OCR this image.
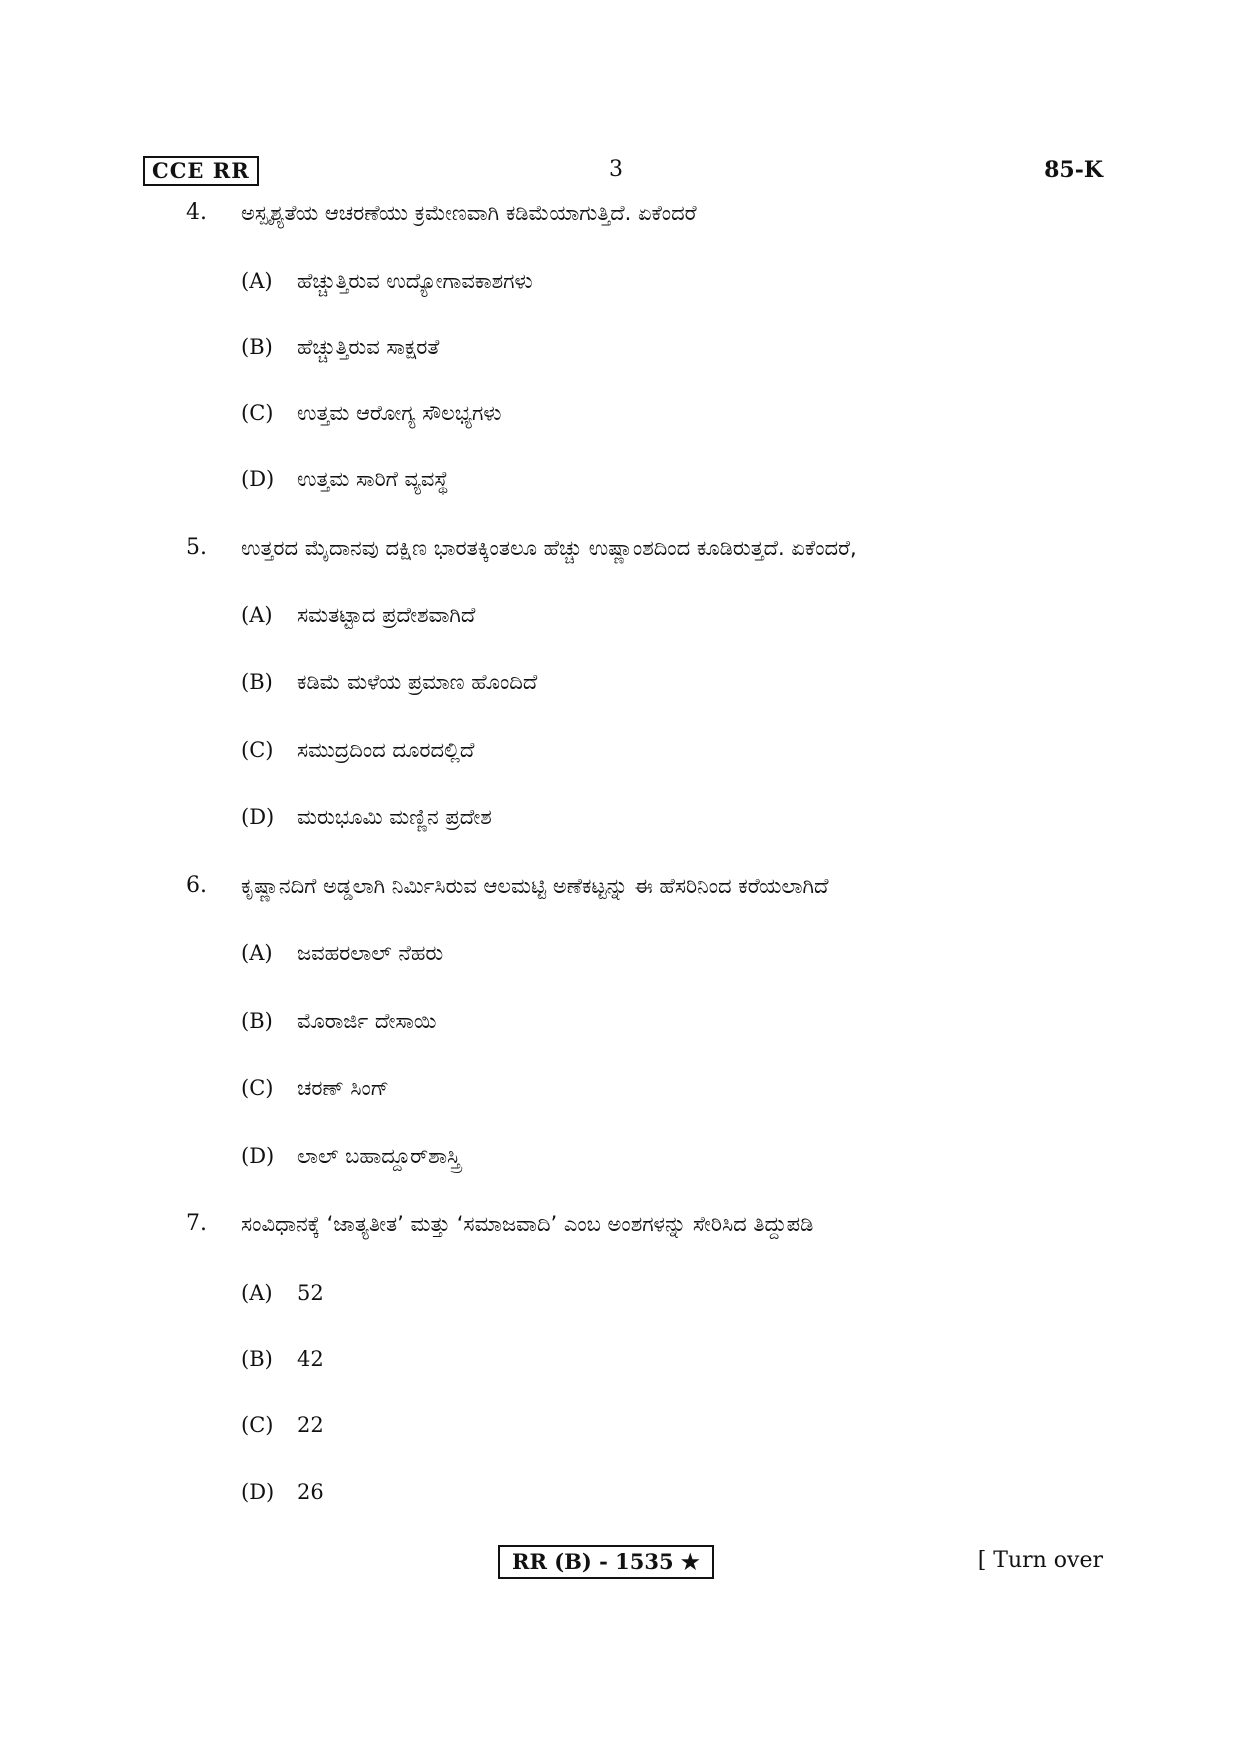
CCE RR	3	85-K
4. ಅಸ್ಪೃಶ್ಯತೆಯ ಆಚರಣೆಯು ಕ್ರಮೇಣವಾಗಿ ಕಡಿಮೆಯಾಗುತ್ತಿದೆ. ಏಕೆಂದರೆ
(A) ಹೆಚ್ಚುತ್ತಿರುವ ಉದ್ಯೋಗಾವಕಾಶಗಳು
(B) ಹೆಚ್ಚುತ್ತಿರುವ ಸಾಕ್ಷರತೆ
(C) ಉತ್ತಮ ಆರೋಗ್ಯ ಸೌಲಭ್ಯಗಳು
(D) ಉತ್ತಮ ಸಾರಿಗೆ ವ್ಯವಸ್ಥೆ
5. ಉತ್ತರದ ಮೈದಾನವು ದಕ್ಷಿಣ ಭಾರತಕ್ಕಿಂತಲೂ ಹೆಚ್ಚು ಉಷ್ಣಾಂಶದಿಂದ ಕೂಡಿರುತ್ತದೆ. ಏಕೆಂದರೆ,
(A) ಸಮತಟ್ಟಾದ ಪ್ರದೇಶವಾಗಿದೆ
(B) ಕಡಿಮೆ ಮಳೆಯ ಪ್ರಮಾಣ ಹೊಂದಿದೆ
(C) ಸಮುದ್ರದಿಂದ ದೂರದಲ್ಲಿದೆ
(D) ಮರುಭೂಮಿ ಮಣ್ಣಿನ ಪ್ರದೇಶ
6. ಕೃಷ್ಣಾನದಿಗೆ ಅಡ್ಡಲಾಗಿ ನಿರ್ಮಿಸಿರುವ ಆಲಮಟ್ಟಿ ಅಣೆಕಟ್ಟನ್ನು ಈ ಹೆಸರಿನಿಂದ ಕರೆಯಲಾಗಿದೆ
(A) ಜವಹರಲಾಲ್ ನೆಹರು
(B) ಮೊರಾರ್ಜಿ ದೇಸಾಯಿ
(C) ಚರಣ್ ಸಿಂಗ್
(D) ಲಾಲ್ ಬಹಾದ್ದೂರ್‌ಶಾಸ್ತ್ರಿ
7. ಸಂವಿಧಾನಕ್ಕೆ ‘ಜಾತ್ಯತೀತ’ ಮತ್ತು ‘ಸಮಾಜವಾದಿ’ ಎಂಬ ಅಂಶಗಳನ್ನು ಸೇರಿಸಿದ ತಿದ್ದುಪಡಿ
(A) 52
(B) 42
(C) 22
(D) 26
RR (B) - 1535 ★	[ Turn over
